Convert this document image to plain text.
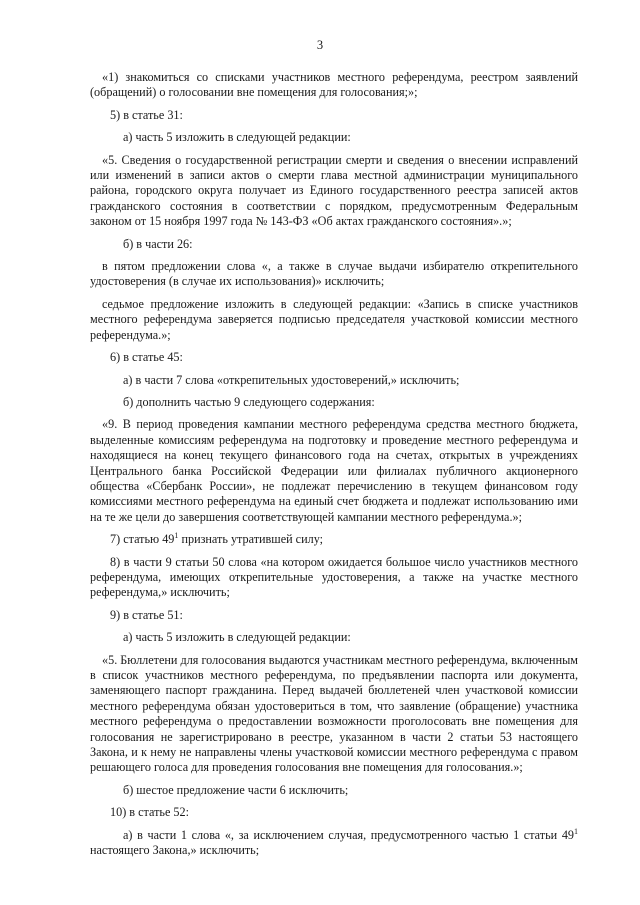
3

«1) знакомиться со списками участников местного референдума, реестром заявлений (обращений) о голосовании вне помещения для голосования;»;

5) в статье 31:

а) часть 5 изложить в следующей редакции:

«5. Сведения о государственной регистрации смерти и сведения о внесении исправлений или изменений в записи актов о смерти глава местной администрации муниципального района, городского округа получает из Единого государственного реестра записей актов гражданского состояния в соответствии с порядком, предусмотренным Федеральным законом от 15 ноября 1997 года № 143-ФЗ «Об актах гражданского состояния».»;

б) в части 26:

в пятом предложении слова «, а также в случае выдачи избирателю открепительного удостоверения (в случае их использования)» исключить;

седьмое предложение изложить в следующей редакции: «Запись в списке участников местного референдума заверяется подписью председателя участковой комиссии местного референдума.»;

6) в статье 45:

а) в части 7 слова «открепительных удостоверений,» исключить;

б) дополнить частью 9 следующего содержания:

«9. В период проведения кампании местного референдума средства местного бюджета, выделенные комиссиям референдума на подготовку и проведение местного референдума и находящиеся на конец текущего финансового года на счетах, открытых в учреждениях Центрального банка Российской Федерации или филиалах публичного акционерного общества «Сбербанк России», не подлежат перечислению в текущем финансовом году комиссиями местного референдума на единый счет бюджета и подлежат использованию ими на те же цели до завершения соответствующей кампании местного референдума.»;

7) статью $49^1$ признать утратившей силу;

8) в части 9 статьи 50 слова «на котором ожидается большое число участников местного референдума, имеющих открепительные удостоверения, а также на участке местного референдума,» исключить;

9) в статье 51:

а) часть 5 изложить в следующей редакции:

«5. Бюллетени для голосования выдаются участникам местного референдума, включенным в список участников местного референдума, по предъявлении паспорта или документа, заменяющего паспорт гражданина. Перед выдачей бюллетеней член участковой комиссии местного референдума обязан удостовериться в том, что заявление (обращение) участника местного референдума о предоставлении возможности проголосовать вне помещения для голосования не зарегистрировано в реестре, указанном в части 2 статьи 53 настоящего Закона, и к нему не направлены члены участковой комиссии местного референдума с правом решающего голоса для проведения голосования вне помещения для голосования.»;

б) шестое предложение части 6 исключить;

10) в статье 52:

а) в части 1 слова «, за исключением случая, предусмотренного частью 1 статьи $49^1$ настоящего Закона,» исключить;
